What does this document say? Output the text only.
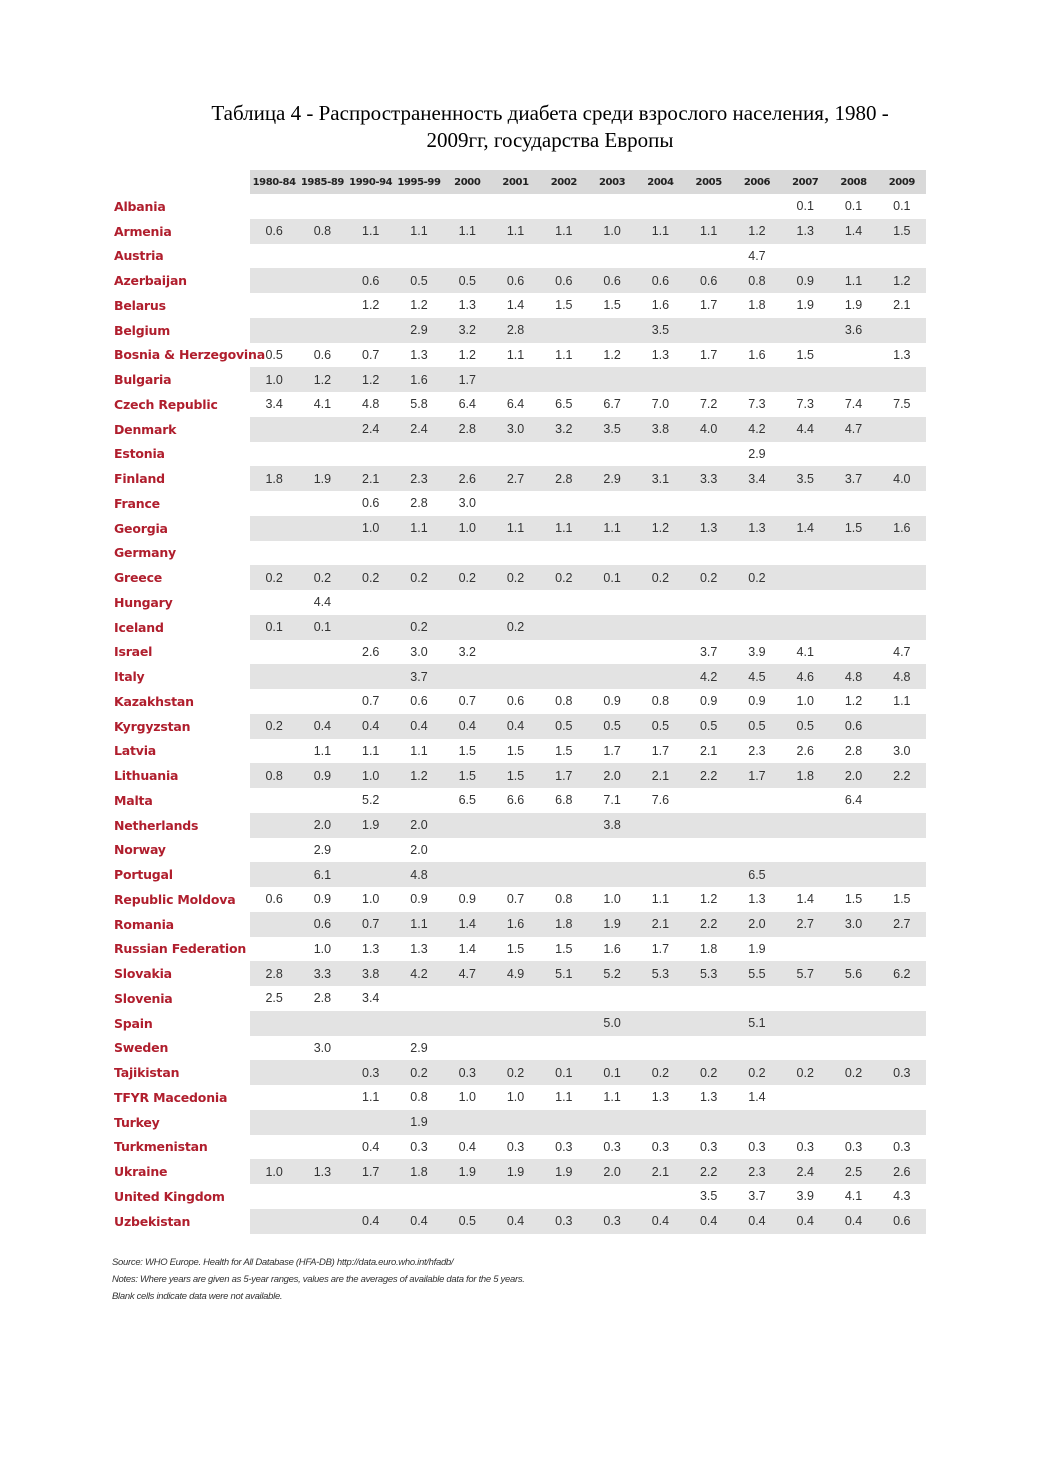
Таблица 4 - Распространенность диабета среди взрослого населения, 1980 -
2009гг, государства Европы
	1980-84	1985-89	1990-94	1995-99	2000	2001	2002	2003	2004	2005	2006	2007	2008	2009
Albania												0.1	0.1	0.1
Armenia	0.6	0.8	1.1	1.1	1.1	1.1	1.1	1.0	1.1	1.1	1.2	1.3	1.4	1.5
Austria											4.7			
Azerbaijan			0.6	0.5	0.5	0.6	0.6	0.6	0.6	0.6	0.8	0.9	1.1	1.2
Belarus			1.2	1.2	1.3	1.4	1.5	1.5	1.6	1.7	1.8	1.9	1.9	2.1
Belgium				2.9	3.2	2.8			3.5				3.6	
Bosnia & Herzegovina	0.5	0.6	0.7	1.3	1.2	1.1	1.1	1.2	1.3	1.7	1.6	1.5		1.3
Bulgaria	1.0	1.2	1.2	1.6	1.7									
Czech Republic	3.4	4.1	4.8	5.8	6.4	6.4	6.5	6.7	7.0	7.2	7.3	7.3	7.4	7.5
Denmark			2.4	2.4	2.8	3.0	3.2	3.5	3.8	4.0	4.2	4.4	4.7	
Estonia											2.9			
Finland	1.8	1.9	2.1	2.3	2.6	2.7	2.8	2.9	3.1	3.3	3.4	3.5	3.7	4.0
France			0.6	2.8	3.0									
Georgia			1.0	1.1	1.0	1.1	1.1	1.1	1.2	1.3	1.3	1.4	1.5	1.6
Germany														
Greece	0.2	0.2	0.2	0.2	0.2	0.2	0.2	0.1	0.2	0.2	0.2			
Hungary		4.4												
Iceland	0.1	0.1		0.2		0.2								
Israel			2.6	3.0	3.2					3.7	3.9	4.1		4.7
Italy				3.7						4.2	4.5	4.6	4.8	4.8
Kazakhstan			0.7	0.6	0.7	0.6	0.8	0.9	0.8	0.9	0.9	1.0	1.2	1.1
Kyrgyzstan	0.2	0.4	0.4	0.4	0.4	0.4	0.5	0.5	0.5	0.5	0.5	0.5	0.6	
Latvia		1.1	1.1	1.1	1.5	1.5	1.5	1.7	1.7	2.1	2.3	2.6	2.8	3.0
Lithuania	0.8	0.9	1.0	1.2	1.5	1.5	1.7	2.0	2.1	2.2	1.7	1.8	2.0	2.2
Malta			5.2		6.5	6.6	6.8	7.1	7.6				6.4	
Netherlands		2.0	1.9	2.0				3.8						
Norway		2.9		2.0										
Portugal		6.1		4.8							6.5			
Republic Moldova	0.6	0.9	1.0	0.9	0.9	0.7	0.8	1.0	1.1	1.2	1.3	1.4	1.5	1.5
Romania		0.6	0.7	1.1	1.4	1.6	1.8	1.9	2.1	2.2	2.0	2.7	3.0	2.7
Russian Federation		1.0	1.3	1.3	1.4	1.5	1.5	1.6	1.7	1.8	1.9			
Slovakia	2.8	3.3	3.8	4.2	4.7	4.9	5.1	5.2	5.3	5.3	5.5	5.7	5.6	6.2
Slovenia	2.5	2.8	3.4											
Spain								5.0			5.1			
Sweden		3.0		2.9										
Tajikistan			0.3	0.2	0.3	0.2	0.1	0.1	0.2	0.2	0.2	0.2	0.2	0.3
TFYR Macedonia			1.1	0.8	1.0	1.0	1.1	1.1	1.3	1.3	1.4			
Turkey				1.9										
Turkmenistan			0.4	0.3	0.4	0.3	0.3	0.3	0.3	0.3	0.3	0.3	0.3	0.3
Ukraine	1.0	1.3	1.7	1.8	1.9	1.9	1.9	2.0	2.1	2.2	2.3	2.4	2.5	2.6
United Kingdom										3.5	3.7	3.9	4.1	4.3
Uzbekistan			0.4	0.4	0.5	0.4	0.3	0.3	0.4	0.4	0.4	0.4	0.4	0.6
Source: WHO Europe. Health for All Database (HFA-DB) http://data.euro.who.int/hfadb/
Notes: Where years are given as 5-year ranges, values are the averages of available data for the 5 years.
Blank cells indicate data were not available.
